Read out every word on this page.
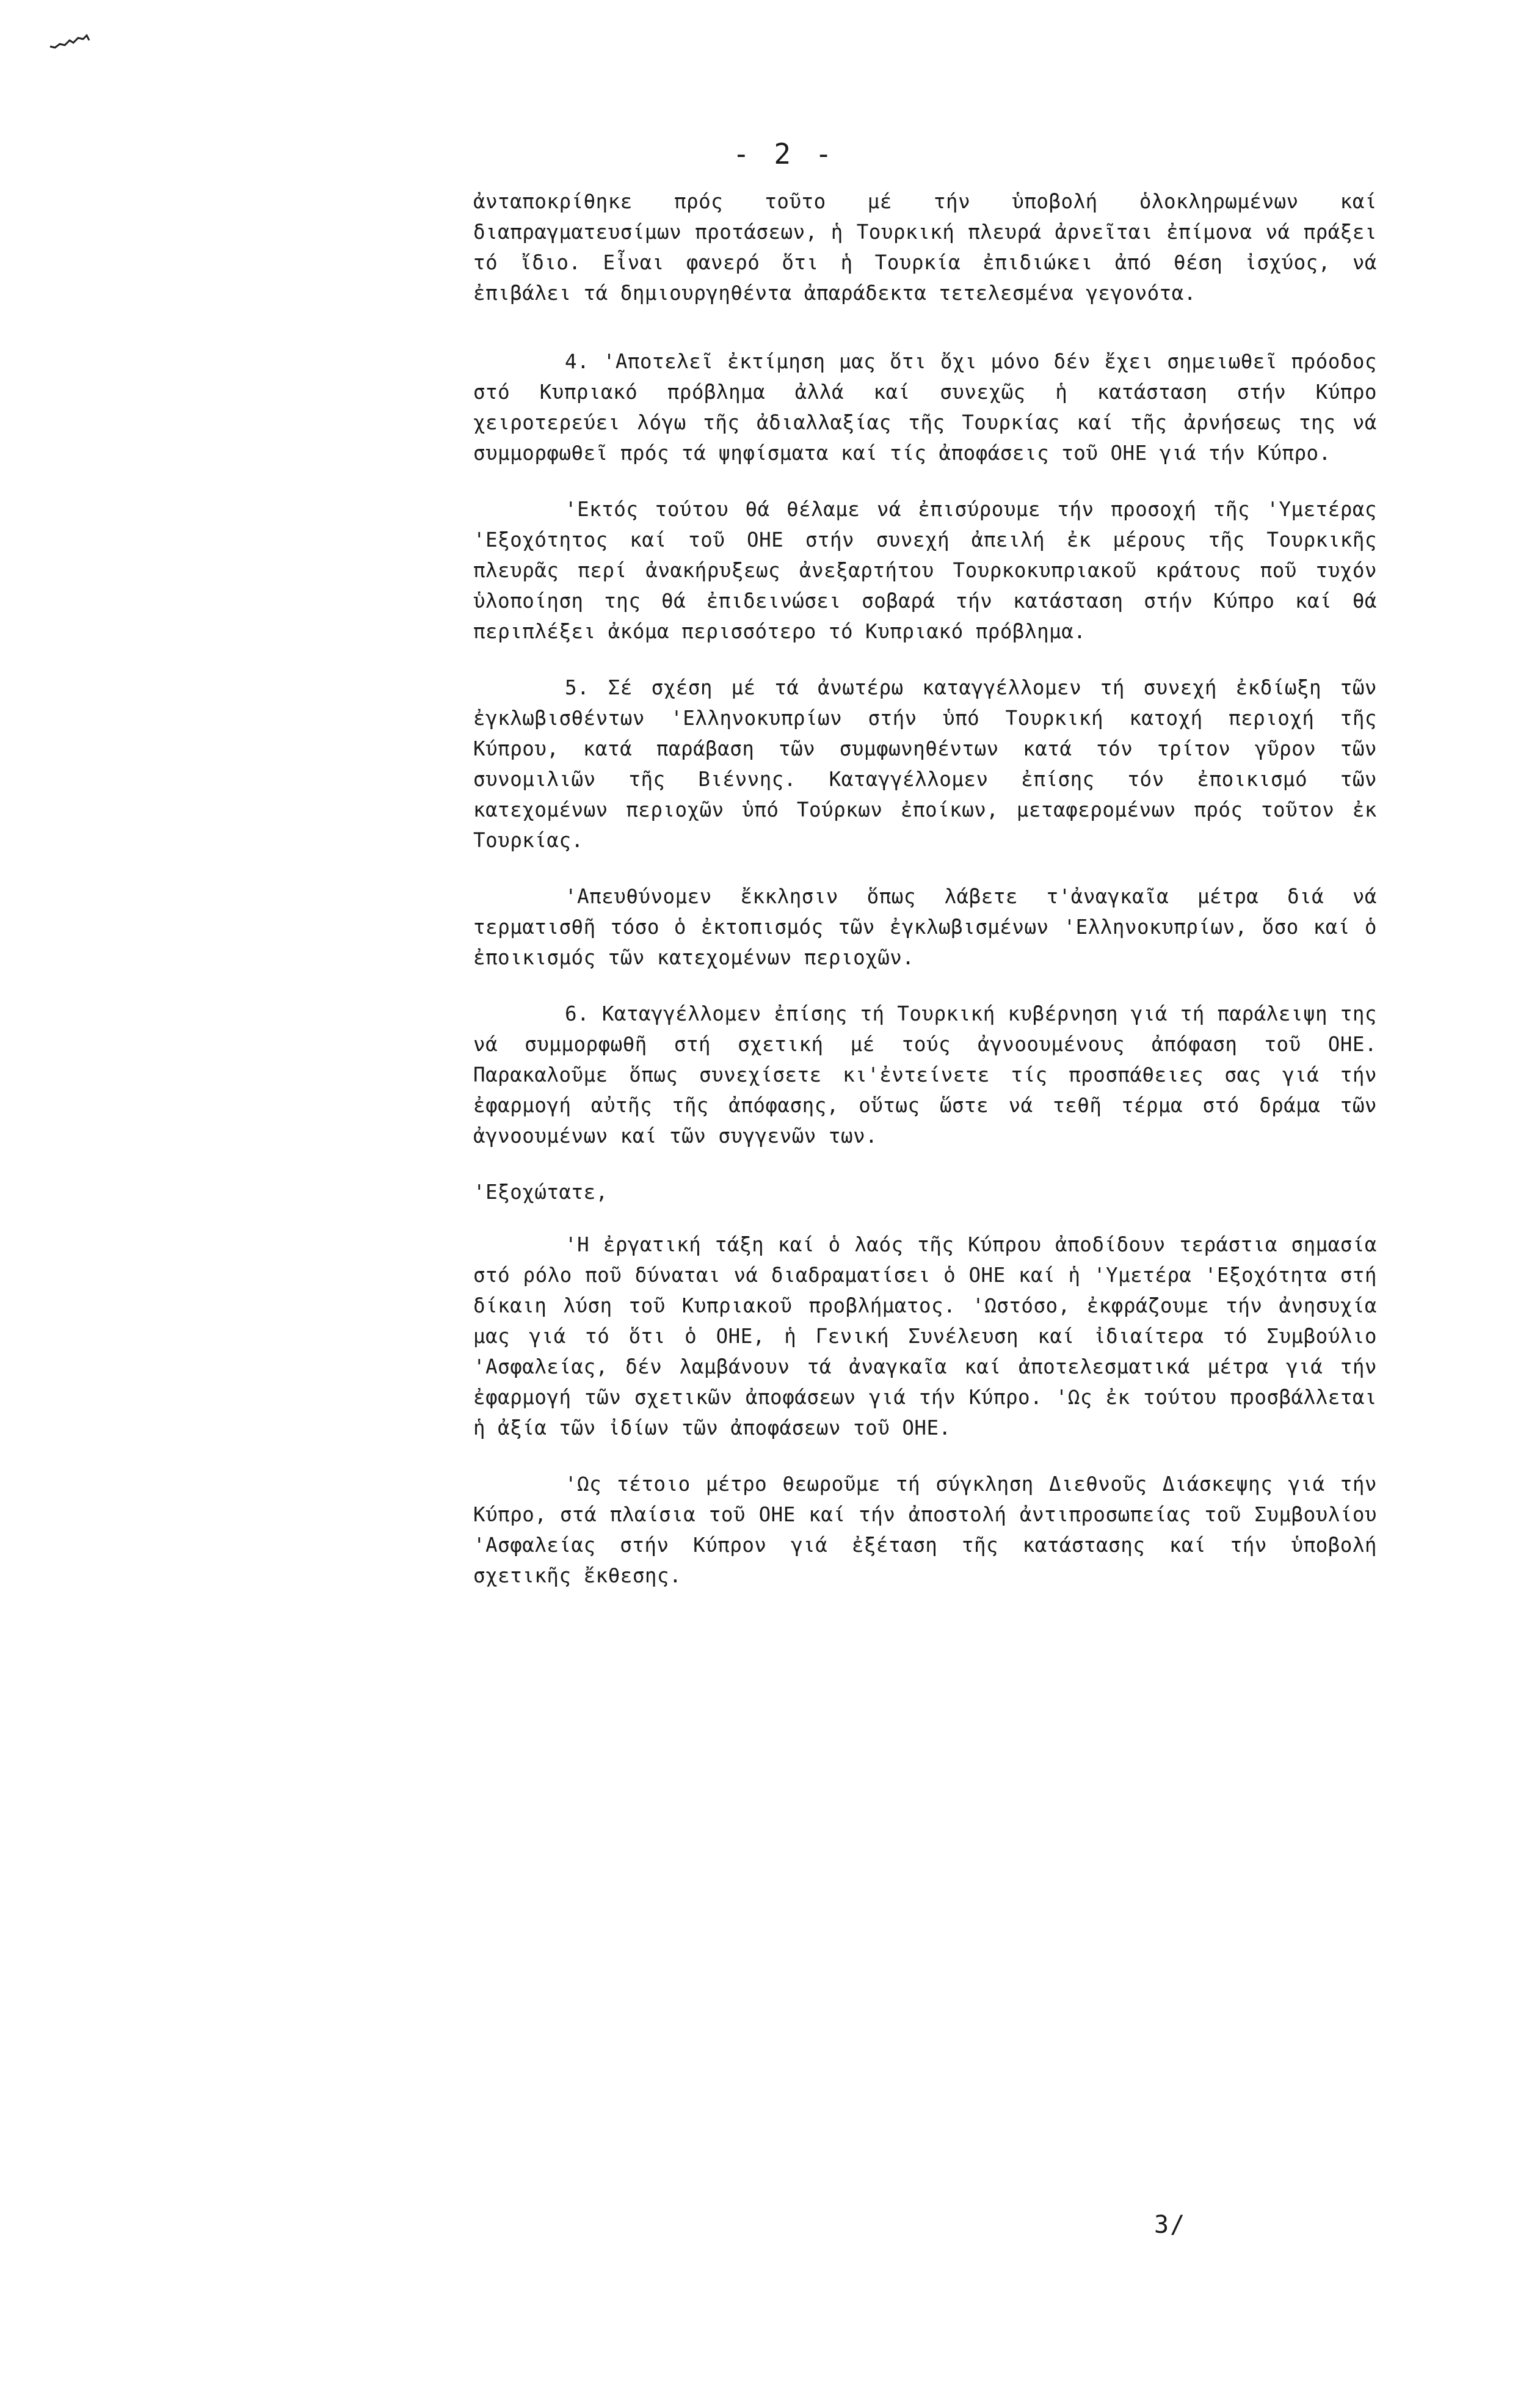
- 2 -

ἀνταποκρίθηκε πρός τοῦτο μέ τήν ὑποβολή ὁλοκληρωμένων καί διαπραγματευσίμων προτάσεων, ἡ Τουρκική πλευρά ἀρνεῖται ἐπίμονα νά πράξει τό ἴδιο. Εἶναι φανερό ὅτι ἡ Τουρκία ἐπιδιώκει ἀπό θέση ἰσχύος, νά ἐπιβάλει τά δημιουργηθέντα ἀπαράδεκτα τετελεσμένα γεγονότα.

4. 'Αποτελεῖ ἐκτίμηση μας ὅτι ὄχι μόνο δέν ἔχει σημειωθεῖ πρόοδος στό Κυπριακό πρόβλημα ἀλλά καί συνεχῶς ἡ κατάσταση στήν Κύπρο χειροτερεύει λόγω τῆς ἀδιαλλαξίας τῆς Τουρκίας καί τῆς ἀρνήσεως της νά συμμορφωθεῖ πρός τά ψηφίσματα καί τίς ἀποφάσεις τοῦ ΟΗΕ γιά τήν Κύπρο.

'Εκτός τούτου θά θέλαμε νά ἐπισύρουμε τήν προσοχή τῆς 'Υμετέρας 'Εξοχότητος καί τοῦ ΟΗΕ στήν συνεχή ἀπειλή ἐκ μέρους τῆς Τουρκικῆς πλευρᾶς περί ἀνακήρυξεως ἀνεξαρτήτου Τουρκοκυπριακοῦ κράτους ποῦ τυχόν ὑλοποίηση της θά ἐπιδεινώσει σοβαρά τήν κατάσταση στήν Κύπρο καί θά περιπλέξει ἀκόμα περισσότερο τό Κυπριακό πρόβλημα.

5. Σέ σχέση μέ τά ἀνωτέρω καταγγέλλομεν τή συνεχή ἐκδίωξη τῶν ἐγκλωβισθέντων 'Ελληνοκυπρίων στήν ὑπό Τουρκική κατοχή περιοχή τῆς Κύπρου, κατά παράβαση τῶν συμφωνηθέντων κατά τόν τρίτον γῦρον τῶν συνομιλιῶν τῆς Βιέννης. Καταγγέλλομεν ἐπίσης τόν ἐποικισμό τῶν κατεχομένων περιοχῶν ὑπό Τούρκων ἐποίκων, μεταφερομένων πρός τοῦτον ἐκ Τουρκίας.

'Απευθύνομεν ἔκκλησιν ὅπως λάβετε τ'ἀναγκαῖα μέτρα διά νά τερματισθῆ τόσο ὁ ἐκτοπισμός τῶν ἐγκλωβισμένων 'Ελληνοκυπρίων, ὅσο καί ὁ ἐποικισμός τῶν κατεχομένων περιοχῶν.

6. Καταγγέλλομεν ἐπίσης τή Τουρκική κυβέρνηση γιά τή παράλειψη της νά συμμορφωθῆ στή σχετική μέ τούς ἀγνοουμένους ἀπόφαση τοῦ ΟΗΕ. Παρακαλοῦμε ὅπως συνεχίσετε κι'ἐντείνετε τίς προσπάθειες σας γιά τήν ἐφαρμογή αὐτῆς τῆς ἀπόφασης, οὕτως ὥστε νά τεθῆ τέρμα στό δράμα τῶν ἀγνοουμένων καί τῶν συγγενῶν των.

'Εξοχώτατε,

'Η ἐργατική τάξη καί ὁ λαός τῆς Κύπρου ἀποδίδουν τεράστια σημασία στό ρόλο ποῦ δύναται νά διαδραματίσει ὁ ΟΗΕ καί ἡ 'Υμετέρα 'Εξοχότητα στή δίκαιη λύση τοῦ Κυπριακοῦ προβλήματος. 'Ωστόσο, ἐκφράζουμε τήν ἀνησυχία μας γιά τό ὅτι ὁ ΟΗΕ, ἡ Γενική Συνέλευση καί ἰδιαίτερα τό Συμβούλιο 'Ασφαλείας, δέν λαμβάνουν τά ἀναγκαῖα καί ἀποτελεσματικά μέτρα γιά τήν ἐφαρμογή τῶν σχετικῶν ἀποφάσεων γιά τήν Κύπρο. 'Ως ἐκ τούτου προσβάλλεται ἡ ἀξία τῶν ἰδίων τῶν ἀποφάσεων τοῦ ΟΗΕ.

'Ως τέτοιο μέτρο θεωροῦμε τή σύγκληση Διεθνοῦς Διάσκεψης γιά τήν Κύπρο, στά πλαίσια τοῦ ΟΗΕ καί τήν ἀποστολή ἀντιπροσωπείας τοῦ Συμβουλίου 'Ασφαλείας στήν Κύπρον γιά ἐξέταση τῆς κατάστασης καί τήν ὑποβολή σχετικῆς ἔκθεσης.

3/
